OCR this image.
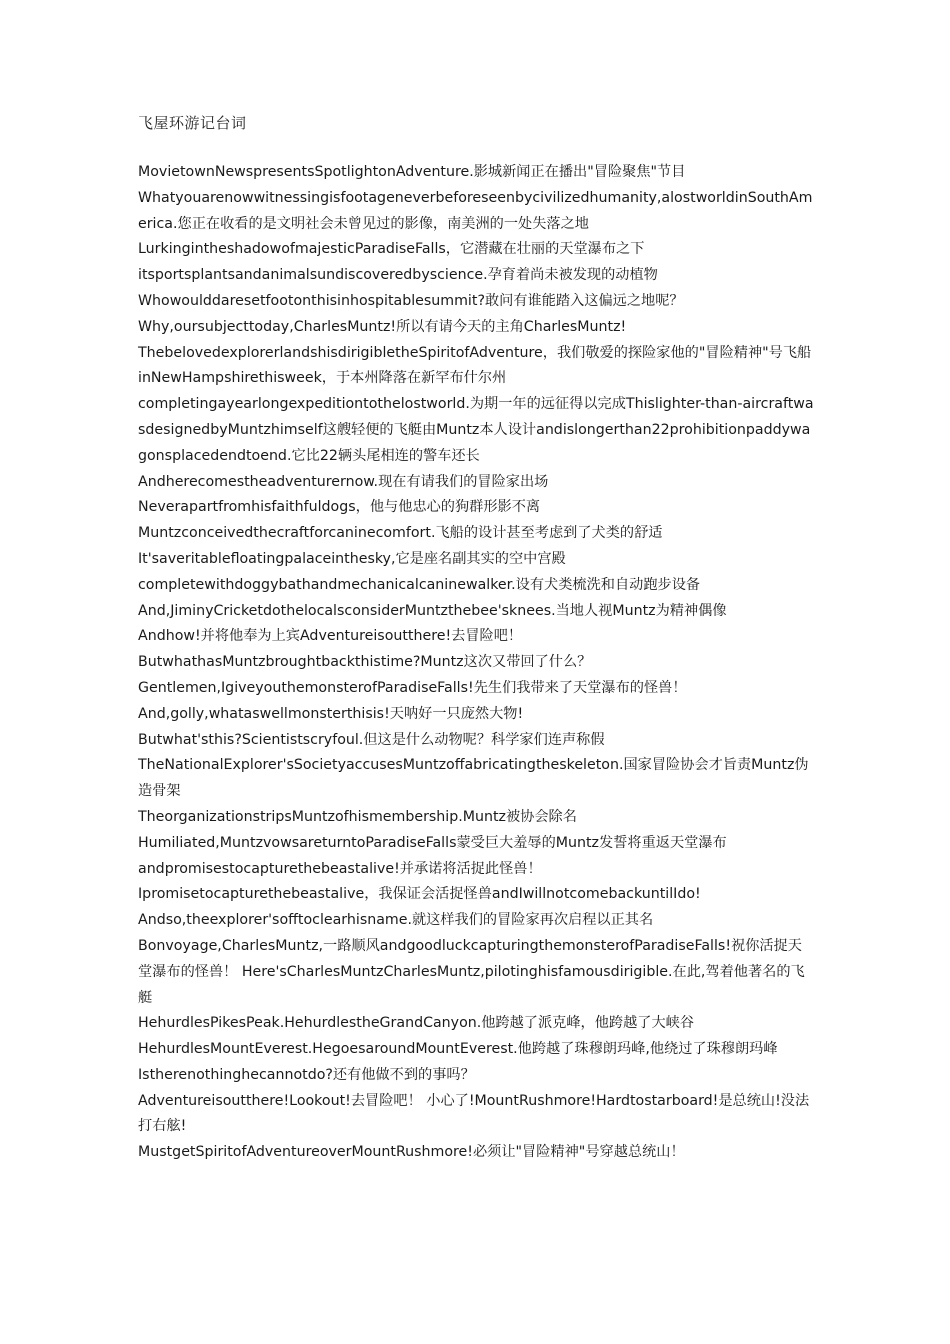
飞屋环游记台词

MovietownNewspresentsSpotlightonAdventure.影城新闻正在播出"冒险聚焦"节目

Whatyouarenowwitnessingisfootageneverbeforeseenbycivilizedhumanity,alostworldinSouthAmerica.您正在收看的是文明社会未曾见过的影像，南美洲的一处失落之地

LurkingintheshadowofmajesticParadiseFalls，它潜藏在壮丽的天堂瀑布之下

itsportsplantsandanimalsundiscoveredbyscience.孕育着尚未被发现的动植物

Whowoulddaresetfootonthisinhospitablesummit?敢问有谁能踏入这偏远之地呢？

Why,oursubjecttoday,CharlesMuntz!所以有请今天的主角CharlesMuntz!

ThebelovedexplorerlandshisdirigibletheSpiritofAdventure，我们敬爱的探险家他的"冒险精神"号飞船

inNewHampshirethisweek，于本州降落在新罕布什尔州

completingayearlongexpeditiontothelostworld.为期一年的远征得以完成Thislighter-than-aircraftwasdesignedbyMuntzhimself这艘轻便的飞艇由Muntz本人设计andislongerthan22prohibitionpaddywagonsplacedendtoend.它比22辆头尾相连的警车还长

Andherecomestheadventurernow.现在有请我们的冒险家出场

Neverapartfromhisfaithfuldogs，他与他忠心的狗群形影不离

Muntzconceivedthecraftforcaninecomfort.飞船的设计甚至考虑到了犬类的舒适

It'saveritablefloatingpalaceinthesky,它是座名副其实的空中宫殿

completewithdoggybathandmechanicalcaninewalker.设有犬类梳洗和自动跑步设备

And,JiminyCricketdothelocalsconsiderMuntzthebee'sknees.当地人视Muntz为精神偶像

Andhow!并将他奉为上宾Adventureisoutthere!去冒险吧！

ButwhathasMuntzbroughtbackthistime?Muntz这次又带回了什么？

Gentlemen,IgiveyouthemonsterofParadiseFalls!先生们我带来了天堂瀑布的怪兽！

And,golly,whataswellmonsterthisis!天呐好一只庞然大物!

Butwhat'sthis?Scientistscryfoul.但这是什么动物呢？科学家们连声称假

TheNationalExplorer'sSocietyaccusesMuntzoffabricatingtheskeleton.国家冒险协会才旨责Muntz伪造骨架

TheorganizationstripsMuntzofhismembership.Muntz被协会除名

Humiliated,MuntzvowsareturntoParadiseFalls蒙受巨大羞辱的Muntz发誓将重返天堂瀑布

andpromisestocapturethebeastalive!并承诺将活捉此怪兽！

Ipromisetocapturethebeastalive，我保证会活捉怪兽andIwillnotcomebackuntilIdo!

Andso,theexplorer'sofftoclearhisname.就这样我们的冒险家再次启程以正其名

Bonvoyage,CharlesMuntz,一路顺风andgoodluckcapturingthemonsterofParadiseFalls!祝你活捉天堂瀑布的怪兽！ Here'sCharlesMuntzCharlesMuntz,pilotinghisfamousdirigible.在此,驾着他著名的飞艇

HehurdlesPikesPeak.HehurdlestheGrandCanyon.他跨越了派克峰，他跨越了大峡谷

HehurdlesMountEverest.HegoesaroundMountEverest.他跨越了珠穆朗玛峰,他绕过了珠穆朗玛峰

Istherenothinghecannotdo?还有他做不到的事吗？

Adventureisoutthere!Lookout!去冒险吧！ 小心了!MountRushmore!Hardtostarboard!是总统山!没法打右舷!

MustgetSpiritofAdventureoverMountRushmore!必须让"冒险精神"号穿越总统山！
